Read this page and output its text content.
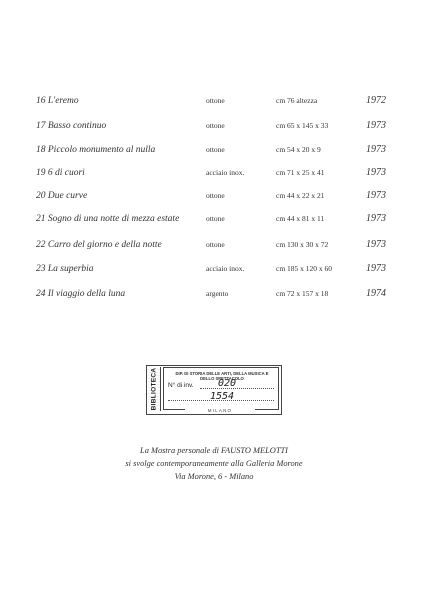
16 L'eremo	ottone	cm 76 altezza	1972
17 Basso continuo	ottone	cm 65 x 145 x 33	1973
18 Piccolo monumento al nulla	ottone	cm 54 x 20 x 9	1973
19 6 di cuori	acciaio inox.	cm 71 x 25 x 41	1973
20 Due curve	ottone	cm 44 x 22 x 21	1973
21 Sogno di una notte di mezza estate	ottone	cm 44 x 81 x 11	1973
22 Carro del giorno e della notte	ottone	cm 130 x 30 x 72	1973
23 La superbia	acciaio inox.	cm 185 x 120 x 60	1973
24 Il viaggio della luna	argento	cm 72 x 157 x 18	1974
BIBLIOTECA	DIP. DI STORIA DELLE ARTI, DELLA MUSICA E DELLO SPETTACOLO
N° di inv. 020
1554
MILANO
La Mostra personale di FAUSTO MELOTTI
si svolge contemporaneamente alla Galleria Morone
Via Morone, 6 - Milano
